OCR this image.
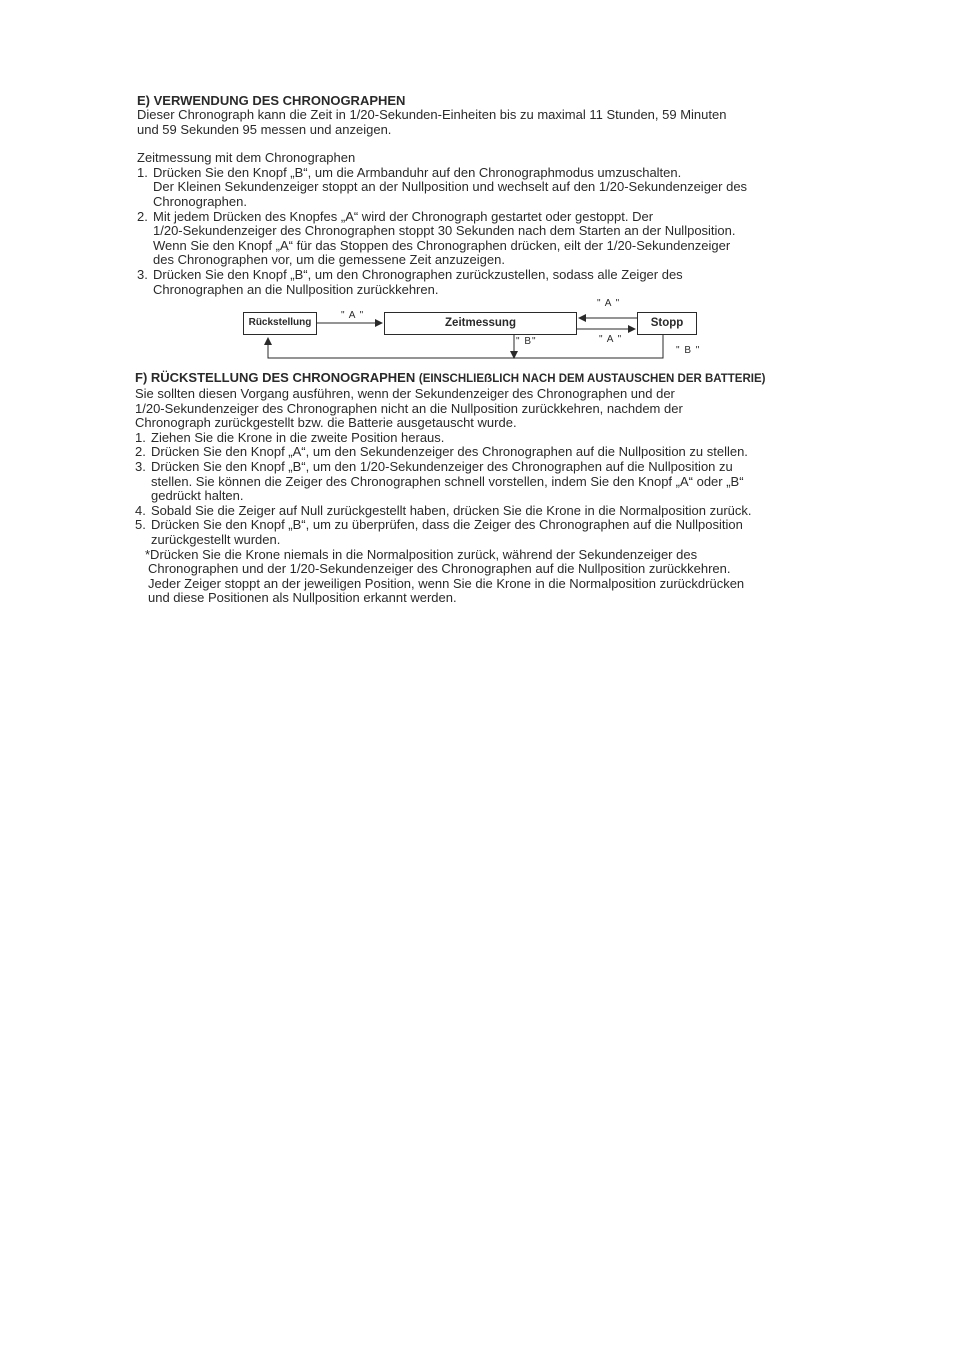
E) VERWENDUNG DES CHRONOGRAPHEN

Dieser Chronograph kann die Zeit in 1/20-Sekunden-Einheiten bis zu maximal 11 Stunden, 59 Minuten

und 59 Sekunden 95 messen und anzeigen.

Zeitmessung mit dem Chronographen

1. Drücken Sie den Knopf „B“, um die Armbanduhr auf den Chronographmodus umzuschalten.
Der Kleinen Sekundenzeiger stoppt an der Nullposition und wechselt auf den 1/20-Sekundenzeiger des
Chronographen.
2. Mit jedem Drücken des Knopfes „A“ wird der Chronograph gestartet oder gestoppt. Der
1/20-Sekundenzeiger des Chronographen stoppt 30 Sekunden nach dem Starten an der Nullposition.
Wenn Sie den Knopf „A“ für das Stoppen des Chronographen drücken, eilt der 1/20-Sekundenzeiger
des Chronographen vor, um die gemessene Zeit anzuzeigen.
3. Drücken Sie den Knopf „B“, um den Chronographen zurückzustellen, sodass alle Zeiger des
Chronographen an die Nullposition zurückkehren.
Rückstellung	Zeitmessung	Stopp
" A "
" A "
" A "
" B"
" B "
F) RÜCKSTELLUNG DES CHRONOGRAPHEN (EINSCHLIEẞLICH NACH DEM AUSTAUSCHEN DER BATTERIE)

Sie sollten diesen Vorgang ausführen, wenn der Sekundenzeiger des Chronographen und der

1/20-Sekundenzeiger des Chronographen nicht an die Nullposition zurückkehren, nachdem der

Chronograph zurückgestellt bzw. die Batterie ausgetauscht wurde.

1. Ziehen Sie die Krone in die zweite Position heraus.
2. Drücken Sie den Knopf „A“, um den Sekundenzeiger des Chronographen auf die Nullposition zu stellen.
3. Drücken Sie den Knopf „B“, um den 1/20-Sekundenzeiger des Chronographen auf die Nullposition zu
stellen. Sie können die Zeiger des Chronographen schnell vorstellen, indem Sie den Knopf „A“ oder „B“
gedrückt halten.
4. Sobald Sie die Zeiger auf Null zurückgestellt haben, drücken Sie die Krone in die Normalposition zurück.
5. Drücken Sie den Knopf „B“, um zu überprüfen, dass die Zeiger des Chronographen auf die Nullposition
zurückgestellt wurden.
*Drücken Sie die Krone niemals in die Normalposition zurück, während der Sekundenzeiger des
Chronographen und der 1/20-Sekundenzeiger des Chronographen auf die Nullposition zurückkehren.
Jeder Zeiger stoppt an der jeweiligen Position, wenn Sie die Krone in die Normalposition zurückdrücken
und diese Positionen als Nullposition erkannt werden.
